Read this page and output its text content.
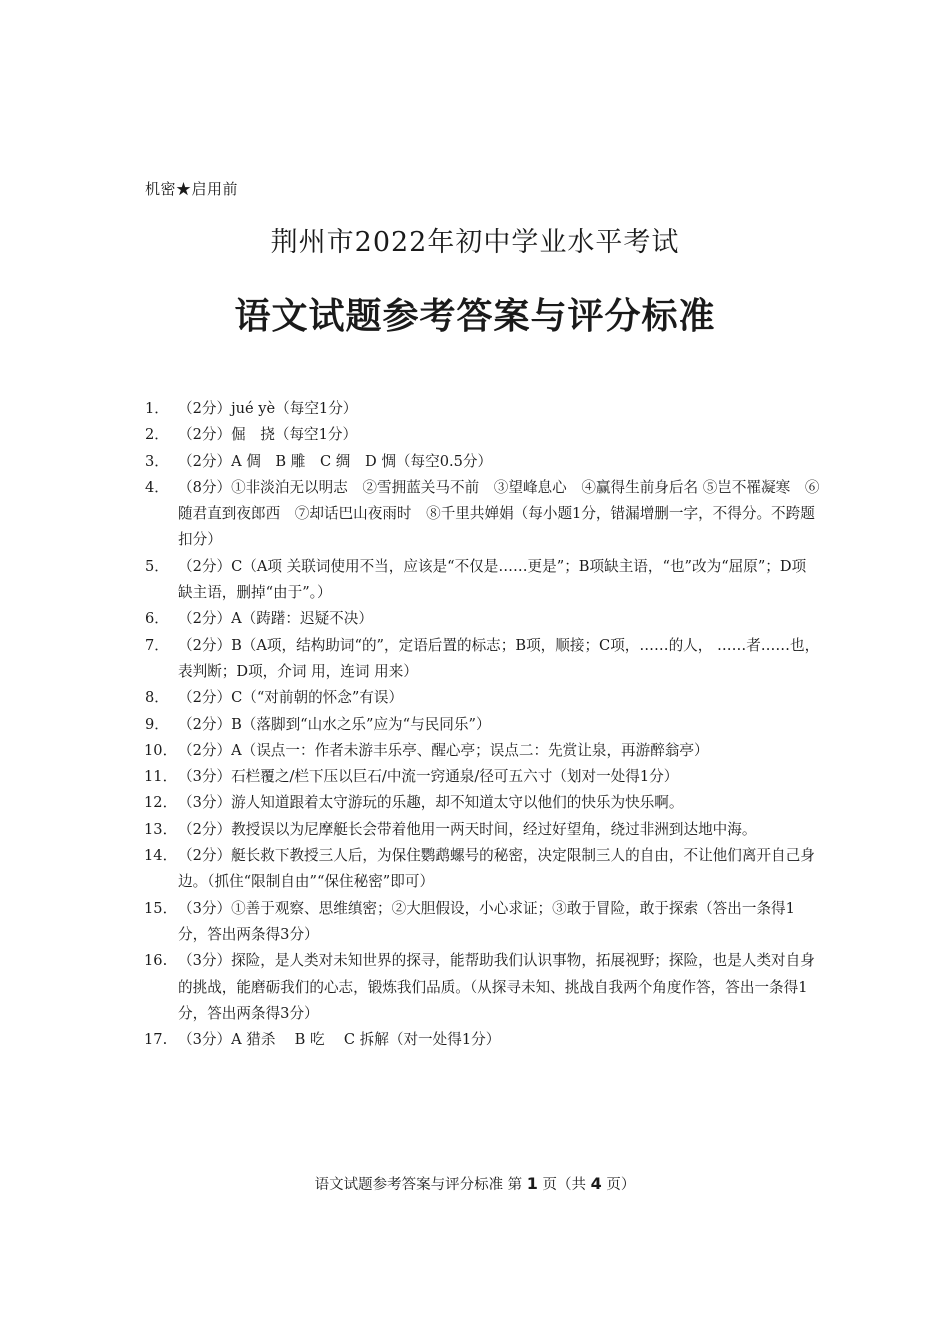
机密★启用前
荆州市2022年初中学业水平考试
语文试题参考答案与评分标准
1． （2分）jué yè（每空1分）
2． （2分）倔　挠（每空1分）
3． （2分）A 倜　B 雕　C 绸　D 惆（每空0.5分）
4． （8分）①非淡泊无以明志　②雪拥蓝关马不前　③望峰息心　④赢得生前身后名 ⑤岂不罹凝寒　⑥随君直到夜郎西　⑦却话巴山夜雨时　⑧千里共婵娟（每小题1分，错漏增删一字，不得分。不跨题扣分）
5． （2分）C（A项 关联词使用不当，应该是“不仅是……更是”；B项缺主语，“也”改为“屈原”；D项缺主语，删掉“由于”。）
6． （2分）A（踌躇：迟疑不决）
7． （2分）B（A项，结构助词“的”，定语后置的标志；B项，顺接；C项，……的人， ……者……也，表判断；D项，介词 用，连词 用来）
8． （2分）C（“对前朝的怀念”有误）
9． （2分）B（落脚到“山水之乐”应为“与民同乐”）
10． （2分）A（误点一：作者未游丰乐亭、醒心亭；误点二：先赏让泉，再游醉翁亭）
11． （3分）石栏覆之/栏下压以巨石/中流一窍通泉/径可五六寸（划对一处得1分）
12． （3分）游人知道跟着太守游玩的乐趣，却不知道太守以他们的快乐为快乐啊。
13． （2分）教授误以为尼摩艇长会带着他用一两天时间，经过好望角，绕过非洲到达地中海。
14． （2分）艇长救下教授三人后，为保住鹦鹉螺号的秘密，决定限制三人的自由，不让他们离开自己身边。（抓住“限制自由”“保住秘密”即可）
15． （3分）①善于观察、思维缜密；②大胆假设，小心求证；③敢于冒险，敢于探索（答出一条得1分，答出两条得3分）
16. （3分）探险，是人类对未知世界的探寻，能帮助我们认识事物，拓展视野；探险，也是人类对自身的挑战，能磨砺我们的心志，锻炼我们品质。（从探寻未知、挑战自我两个角度作答，答出一条得1分，答出两条得3分）
17. （3分）A 猎杀　 B 吃　 C 拆解（对一处得1分）
语文试题参考答案与评分标准 第 1 页（共 4 页）
